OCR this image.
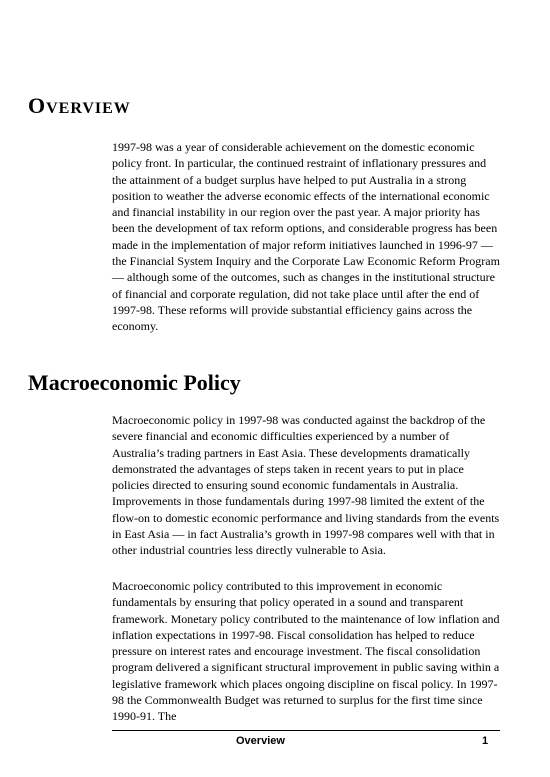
OVERVIEW

1997-98 was a year of considerable achievement on the domestic economic policy front. In particular, the continued restraint of inflationary pressures and the attainment of a budget surplus have helped to put Australia in a strong position to weather the adverse economic effects of the international economic and financial instability in our region over the past year. A major priority has been the development of tax reform options, and considerable progress has been made in the implementation of major reform initiatives launched in 1996-97 — the Financial System Inquiry and the Corporate Law Economic Reform Program — although some of the outcomes, such as changes in the institutional structure of financial and corporate regulation, did not take place until after the end of 1997-98. These reforms will provide substantial efficiency gains across the economy.

Macroeconomic Policy

Macroeconomic policy in 1997-98 was conducted against the backdrop of the severe financial and economic difficulties experienced by a number of Australia’s trading partners in East Asia. These developments dramatically demonstrated the advantages of steps taken in recent years to put in place policies directed to ensuring sound economic fundamentals in Australia. Improvements in those fundamentals during 1997-98 limited the extent of the flow-on to domestic economic performance and living standards from the events in East Asia — in fact Australia’s growth in 1997-98 compares well with that in other industrial countries less directly vulnerable to Asia.

Macroeconomic policy contributed to this improvement in economic fundamentals by ensuring that policy operated in a sound and transparent framework. Monetary policy contributed to the maintenance of low inflation and inflation expectations in 1997-98. Fiscal consolidation has helped to reduce pressure on interest rates and encourage investment. The fiscal consolidation program delivered a significant structural improvement in public saving within a legislative framework which places ongoing discipline on fiscal policy. In 1997-98 the Commonwealth Budget was returned to surplus for the first time since 1990-91. The

Overview	1
